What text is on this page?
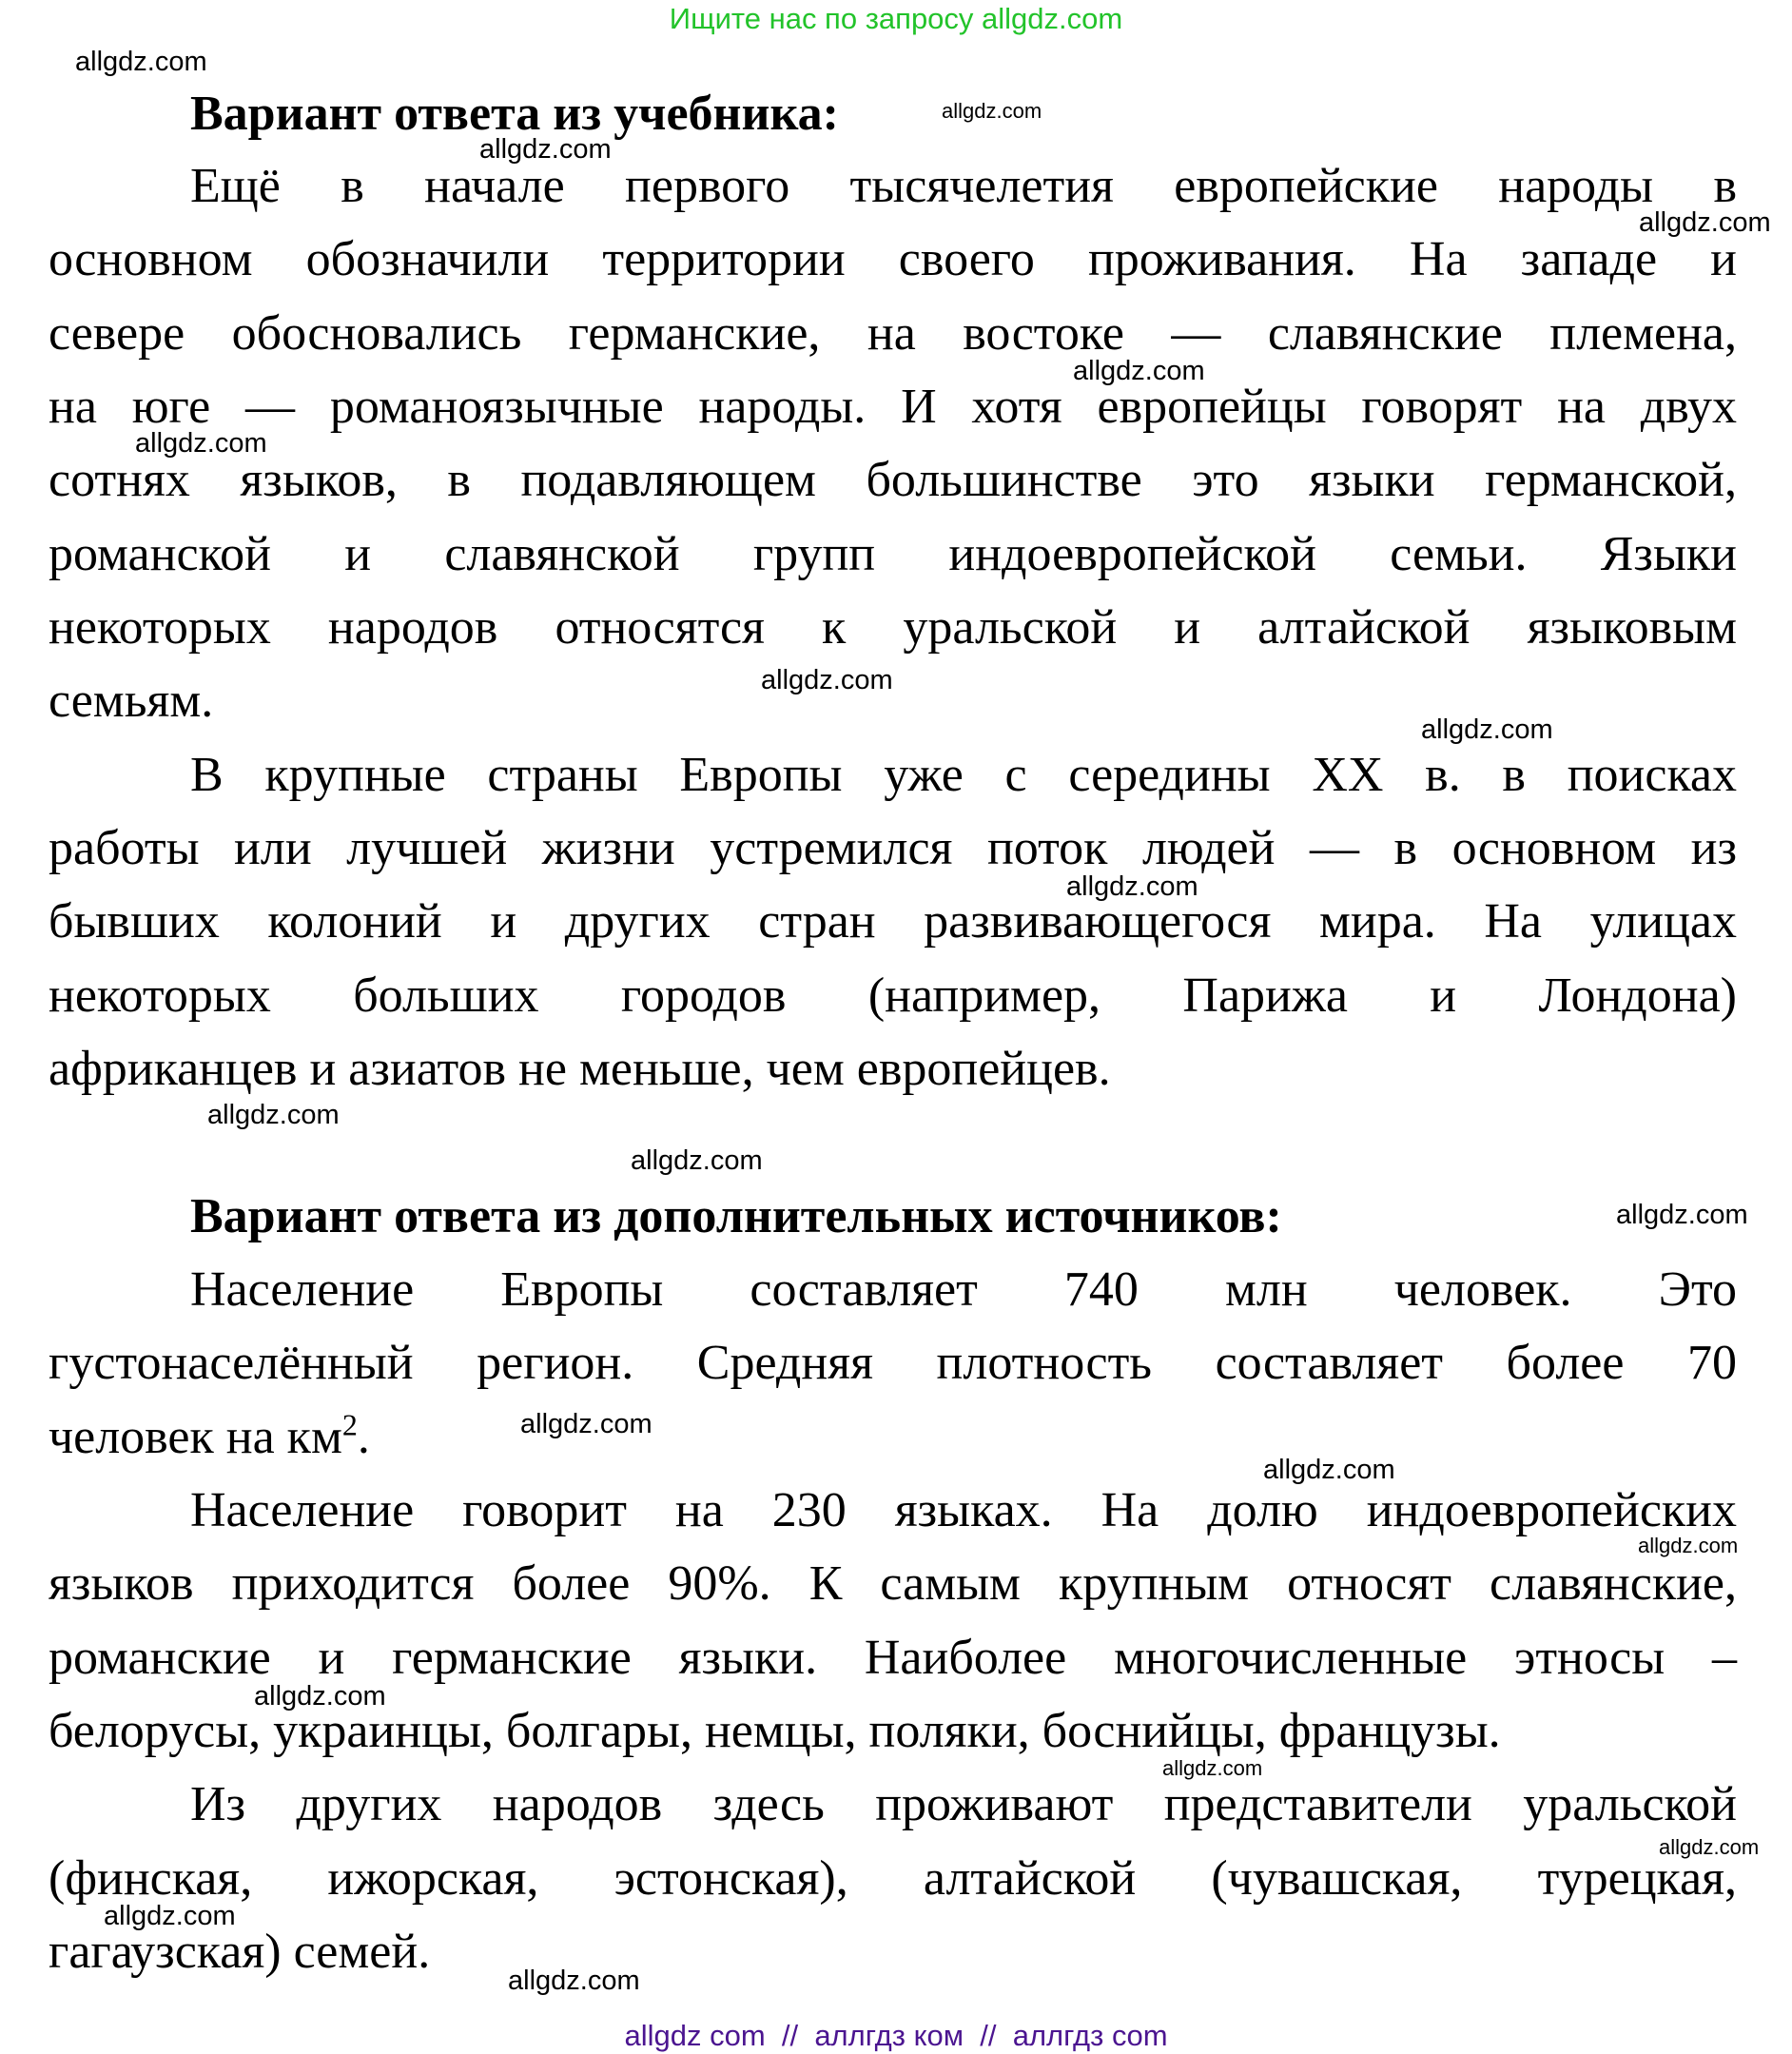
Ищите нас по запросу allgdz.com
Вариант ответа из учебника:
Ещё в начале первого тысячелетия европейские народы в
основном обозначили территории своего проживания. На западе и
севере обосновались германские, на востоке — славянские племена,
на юге — романоязычные народы. И хотя европейцы говорят на двух
сотнях языков, в подавляющем большинстве это языки германской,
романской и славянской групп индоевропейской семьи. Языки
некоторых народов относятся к уральской и алтайской языковым
семьям.
В крупные страны Европы уже с середины XX в. в поисках
работы или лучшей жизни устремился поток людей — в основном из
бывших колоний и других стран развивающегося мира. На улицах
некоторых больших городов (например, Парижа и Лондона)
африканцев и азиатов не меньше, чем европейцев.
Вариант ответа из дополнительных источников:
Население Европы составляет 740 млн человек. Это
густонаселённый регион. Средняя плотность составляет более 70
человек на $км^2$.
Население говорит на 230 языках. На долю индоевропейских
языков приходится более 90%. К самым крупным относят славянские,
романские и германские языки. Наиболее многочисленные этносы –
белорусы, украинцы, болгары, немцы, поляки, боснийцы, французы.
Из других народов здесь проживают представители уральской
(финская, ижорская, эстонская), алтайской (чувашская, турецкая,
гагаузская) семей.
allgdz.com
allgdz.com
allgdz.com
allgdz.com
allgdz.com
allgdz.com
allgdz.com
allgdz.com
allgdz.com
allgdz.com
allgdz.com
allgdz.com
allgdz.com
allgdz.com
allgdz.com
allgdz.com
allgdz.com
allgdz.com
allgdz.com
allgdz.com
allgdz com  //  аллгдз ком  //  аллгдз com
